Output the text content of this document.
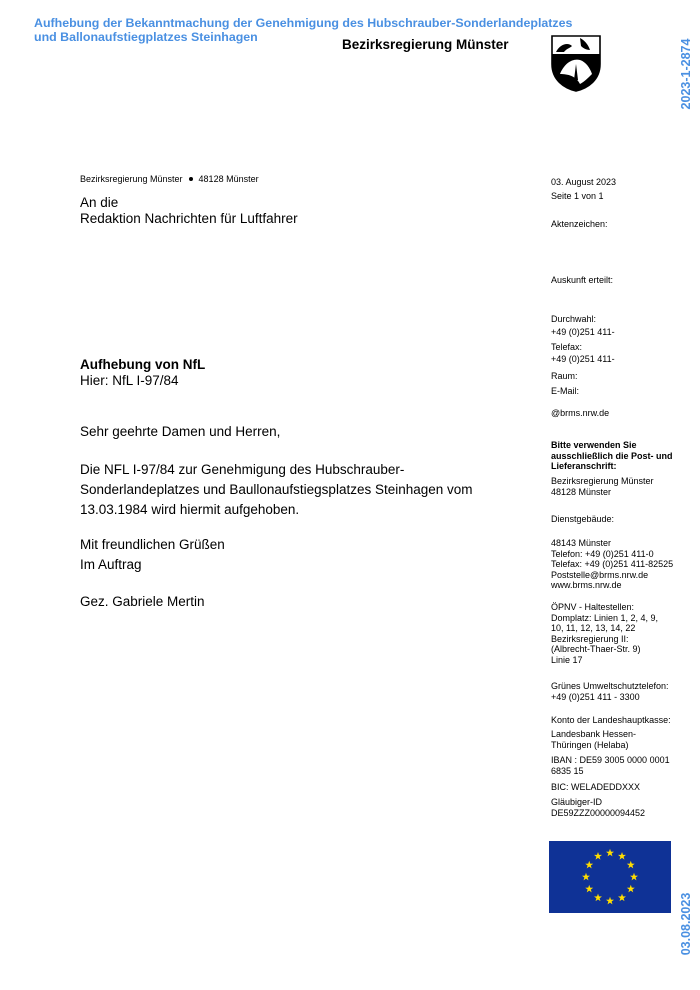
Aufhebung der Bekanntmachung der Genehmigung des Hubschrauber-Sonderlandeplatzes und Ballonaufstiegplatzes Steinhagen	Bezirksregierung Münster	2023-1-2874
03.08.2023
Bezirksregierung Münster 48128 Münster
An die
Redaktion Nachrichten für Luftfahrer
Aufhebung von NfL
Hier: NfL I-97/84
Sehr geehrte Damen und Herren,
Die NFL I-97/84 zur Genehmigung des Hubschrauber-
Sonderlandeplatzes und Baullonaufstiegsplatzes Steinhagen vom
13.03.1984 wird hiermit aufgehoben.
Mit freundlichen Grüßen
Im Auftrag
Gez. Gabriele Mertin
03. August 2023
Seite 1 von 1
Aktenzeichen:
Auskunft erteilt:
Durchwahl:
+49 (0)251 411-
Telefax:
+49 (0)251 411-
Raum:
E-Mail:
@brms.nrw.de
Bitte verwenden Sie
ausschließlich die Post- und
Lieferanschrift:
Bezirksregierung Münster
48128 Münster
Dienstgebäude:
48143 Münster
Telefon: +49 (0)251 411-0
Telefax: +49 (0)251 411-82525
Poststelle@brms.nrw.de
www.brms.nrw.de
ÖPNV - Haltestellen:
Domplatz: Linien 1, 2, 4, 9,
10, 11, 12, 13, 14, 22
Bezirksregierung II:
(Albrecht-Thaer-Str. 9)
Linie 17
Grünes Umweltschutztelefon:
+49 (0)251 411 - 3300
Konto der Landeshauptkasse:
Landesbank Hessen-
Thüringen (Helaba)
IBAN : DE59 3005 0000 0001
6835 15
BIC: WELADEDDXXX
Gläubiger-ID
DE59ZZZ00000094452
